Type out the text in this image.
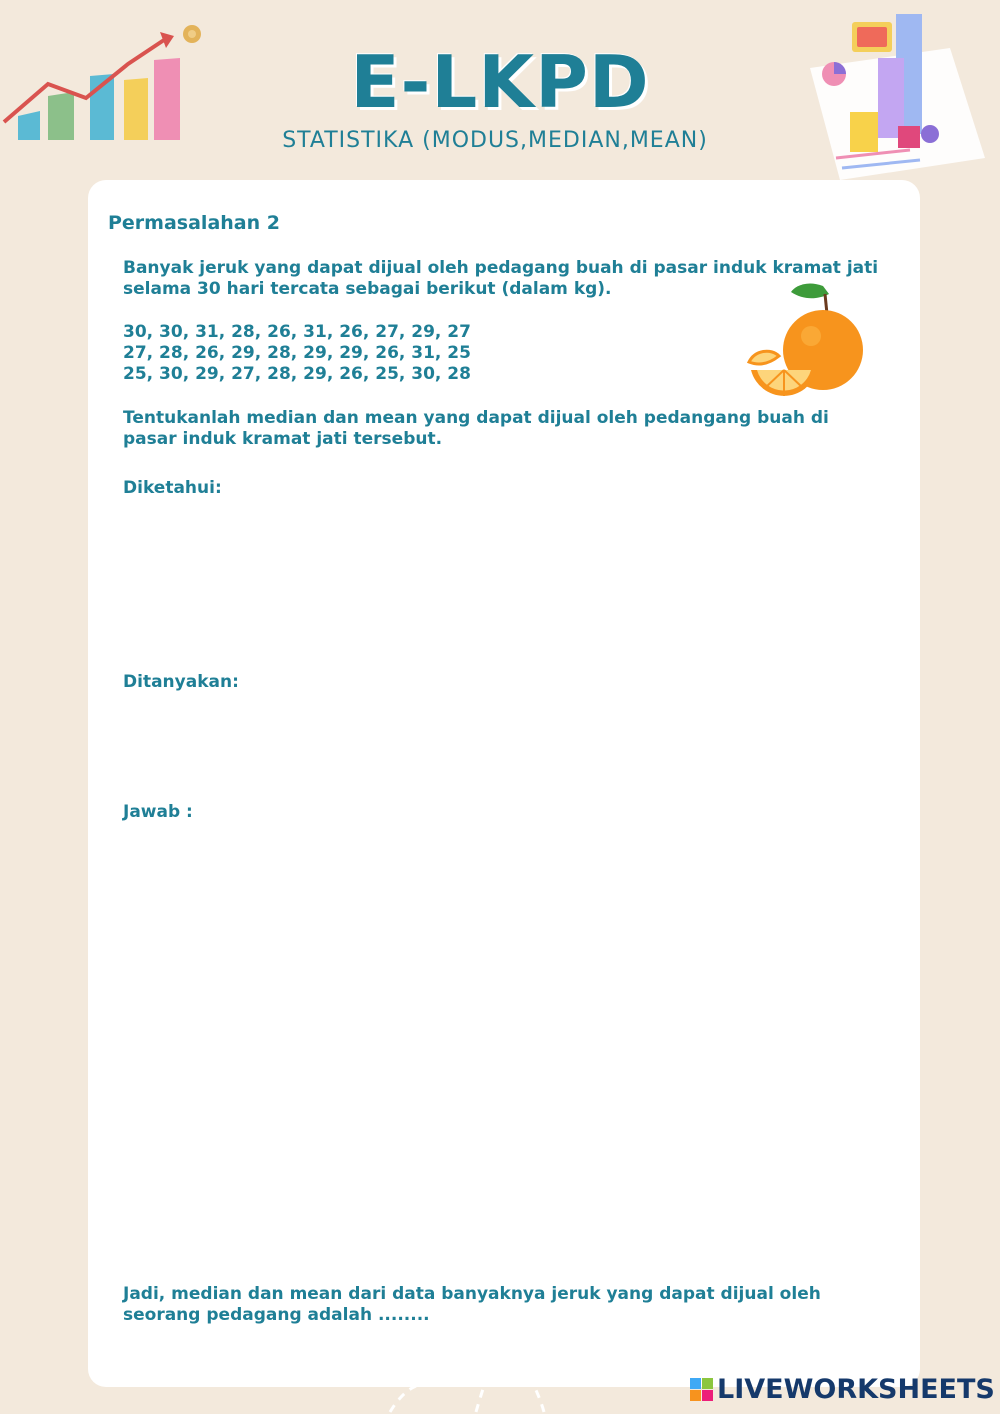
E-LKPD
STATISTIKA (MODUS,MEDIAN,MEAN)
Permasalahan 2
Banyak jeruk yang dapat dijual oleh pedagang buah di pasar induk kramat jati selama 30 hari tercata sebagai berikut (dalam kg).
30, 30, 31, 28, 26, 31, 26, 27, 29, 27
27, 28, 26, 29, 28, 29, 29, 26, 31, 25
25, 30, 29, 27, 28, 29, 26, 25, 30, 28
Tentukanlah median dan mean yang dapat dijual oleh pedangang buah di pasar induk kramat jati tersebut.
Diketahui:
Ditanyakan:
Jawab :
Jadi, median dan mean dari data banyaknya jeruk yang dapat dijual oleh seorang pedagang adalah ........
LIVEWORKSHEETS
